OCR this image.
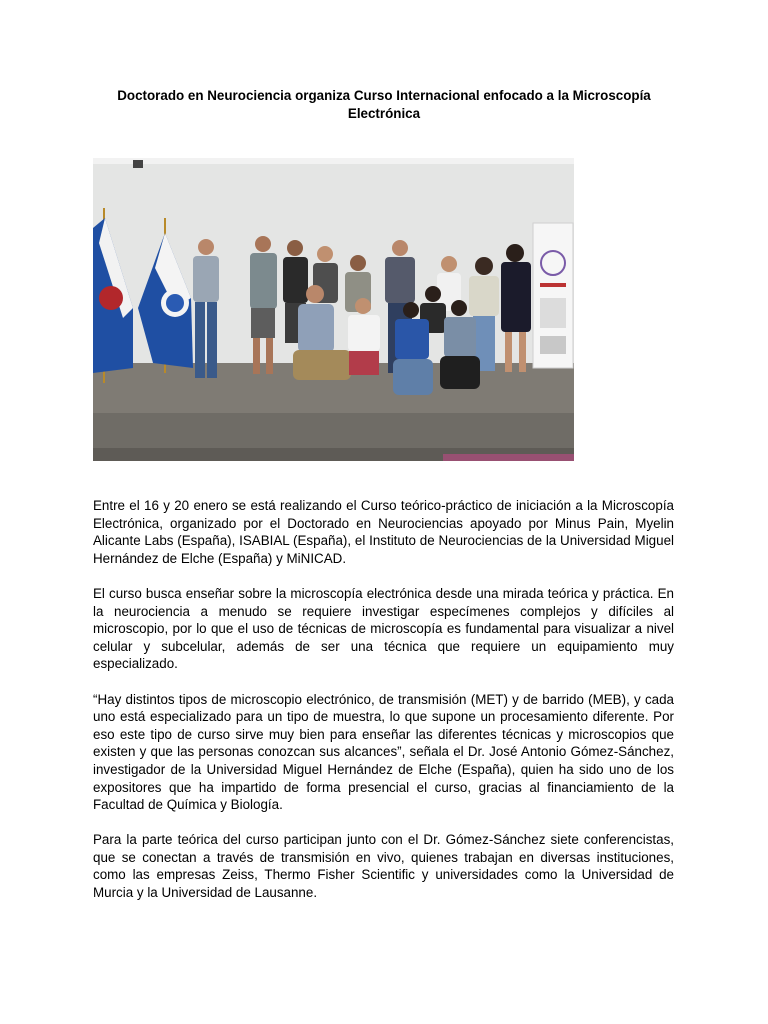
Doctorado en Neurociencia organiza Curso Internacional enfocado a la Microscopía Electrónica

Entre el 16 y 20 enero se está realizando el Curso teórico-práctico de iniciación a la Microscopía Electrónica, organizado por el Doctorado en Neurociencias apoyado por Minus Pain, Myelin Alicante Labs (España), ISABIAL (España), el Instituto de Neurociencias de la Universidad Miguel Hernández de Elche (España) y MiNICAD.

El curso busca enseñar sobre la microscopía electrónica desde una mirada teórica y práctica. En la neurociencia a menudo se requiere investigar especímenes complejos y difíciles al microscopio, por lo que el uso de técnicas de microscopía es fundamental para visualizar a nivel celular y subcelular, además de ser una técnica que requiere un equipamiento muy especializado.

“Hay distintos tipos de microscopio electrónico, de transmisión (MET) y de barrido (MEB), y cada uno está especializado para un tipo de muestra, lo que supone un procesamiento diferente. Por eso este tipo de curso sirve muy bien para enseñar las diferentes técnicas y microscopios que existen y que las personas conozcan sus alcances”, señala el Dr. José Antonio Gómez-Sánchez, investigador de la Universidad Miguel Hernández de Elche (España), quien ha sido uno de los expositores que ha impartido de forma presencial el curso, gracias al financiamiento de la Facultad de Química y Biología.

Para la parte teórica del curso participan junto con el Dr. Gómez-Sánchez siete conferencistas, que se conectan a través de transmisión en vivo, quienes trabajan en diversas instituciones, como las empresas Zeiss, Thermo Fisher Scientific y universidades como la Universidad de Murcia y la Universidad de Lausanne.
